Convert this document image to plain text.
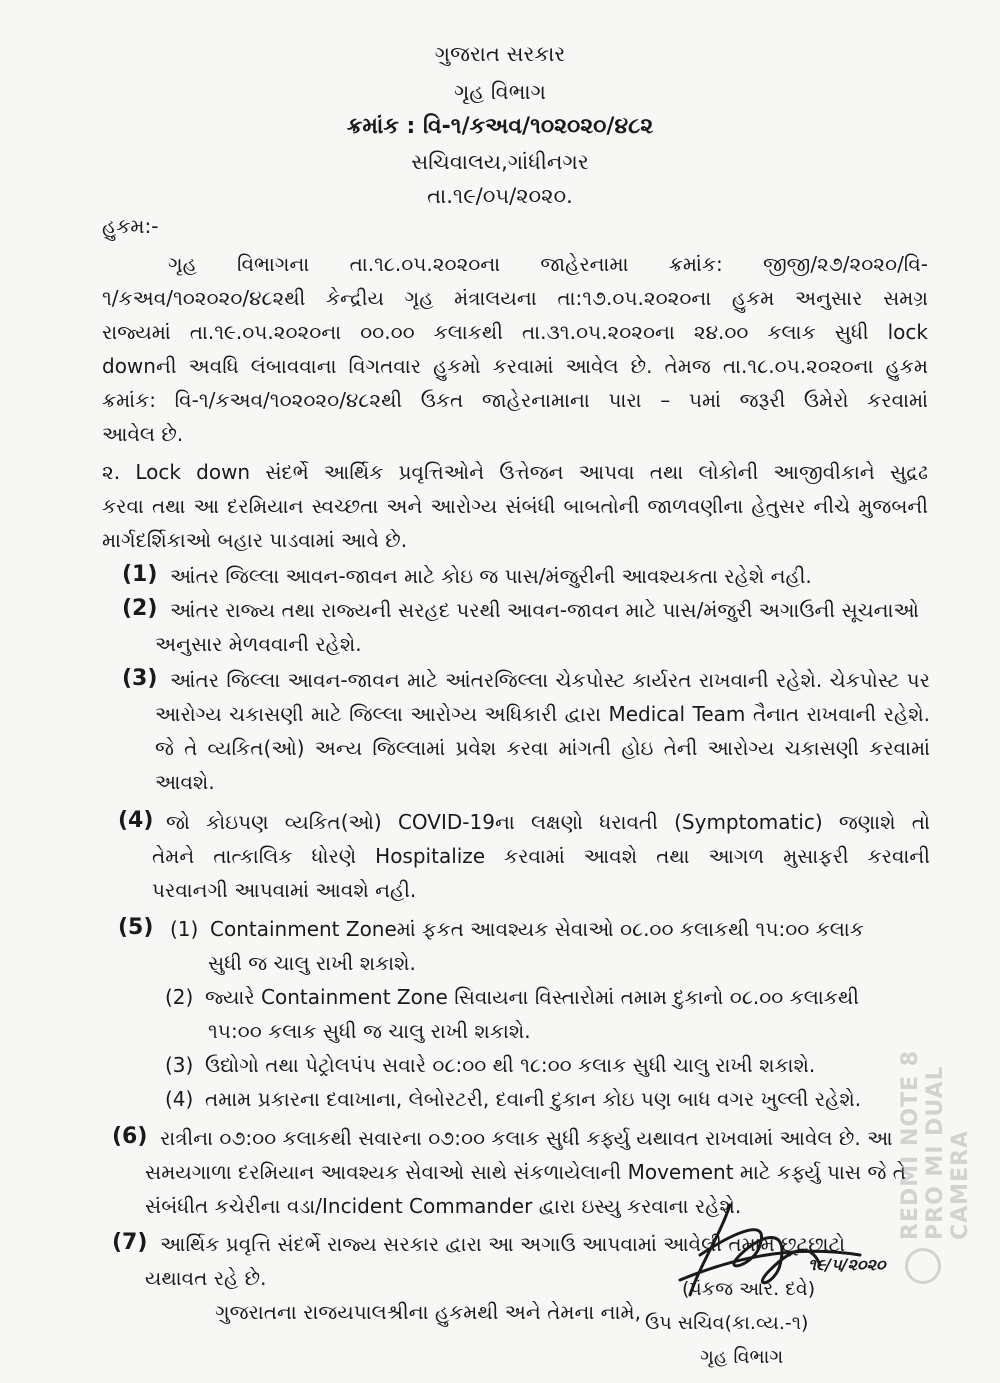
ગુજરાત સરકાર
ગૃહ વિભાગ
ક્રમાંક : વિ-૧/કઅવ/૧૦૨૦૨૦/૪૮૨
સચિવાલય,ગાંધીનગર
તા.૧૯/૦૫/૨૦૨૦.
હુકમ:-
ગૃહ વિભાગના તા.૧૮.૦૫.૨૦૨૦ના જાહેરનામા ક્રમાંક: જીજી/૨૭/૨૦૨૦/વિ-
૧/કઅવ/૧૦૨૦૨૦/૪૮૨થી કેન્દ્રીય ગૃહ મંત્રાલયના તા:૧૭.૦૫.૨૦૨૦ના હુકમ અનુસાર સમગ્ર
રાજ્યમાં તા.૧૯.૦૫.૨૦૨૦ના ૦૦.૦૦ કલાકથી તા.૩૧.૦૫.૨૦૨૦ના ૨૪.૦૦ કલાક સુધી lock
downની અવધિ લંબાવવાના વિગતવાર હુકમો કરવામાં આવેલ છે. તેમજ તા.૧૮.૦૫.૨૦૨૦ના હુકમ
ક્રમાંક: વિ-૧/કઅવ/૧૦૨૦૨૦/૪૮૨થી ઉકત જાહેરનામાના પારા – ૫માં જરૂરી ઉમેરો કરવામાં
આવેલ છે.
૨. Lock down સંદર્ભે આર્થિક પ્રવૃત્તિઓને ઉત્તેજન આપવા તથા લોકોની આજીવીકાને સુદ્રઢ
કરવા તથા આ દરમિયાન સ્વચ્છતા અને આરોગ્ય સંબંધી બાબતોની જાળવણીના હેતુસર નીચે મુજબની
માર્ગદર્શિકાઓ બહાર પાડવામાં આવે છે.
(1) આંતર જિલ્લા આવન-જાવન માટે કોઇ જ પાસ/મંજુરીની આવશ્યકતા રહેશે નહી.
(2) આંતર રાજ્ય તથા રાજ્યની સરહદ પરથી આવન-જાવન માટે પાસ/મંજુરી અગાઉની સૂચનાઓ
અનુસાર મેળવવાની રહેશે.
(3) આંતર જિલ્લા આવન-જાવન માટે આંતરજિલ્લા ચેકપોસ્ટ કાર્યરત રાખવાની રહેશે. ચેકપોસ્ટ પર
આરોગ્ય ચકાસણી માટે જિલ્લા આરોગ્ય અધિકારી દ્વારા Medical Team તૈનાત રાખવાની રહેશે.
જે તે વ્યકિત(ઓ) અન્ય જિલ્લામાં પ્રવેશ કરવા માંગતી હોઇ તેની આરોગ્ય ચકાસણી કરવામાં
આવશે.
(4) જો કોઇપણ વ્યકિત(ઓ) COVID-19ના લક્ષણો ધરાવતી (Symptomatic) જણાશે તો
તેમને તાત્કાલિક ધોરણે Hospitalize કરવામાં આવશે તથા આગળ મુસાફરી કરવાની
પરવાનગી આપવામાં આવશે નહી.
(5) (1) Containment Zoneમાં ફકત આવશ્યક સેવાઓ ૦૮.૦૦ કલાકથી ૧૫:૦૦ કલાક
સુધી જ ચાલુ રાખી શકાશે.
(2) જ્યારે Containment Zone સિવાયના વિસ્તારોમાં તમામ દુકાનો ૦૮.૦૦ કલાકથી
૧૫:૦૦ કલાક સુધી જ ચાલુ રાખી શકાશે.
(3) ઉદ્યોગો તથા પેટ્રોલપંપ સવારે ૦૮:૦૦ થી ૧૮:૦૦ કલાક સુધી ચાલુ રાખી શકાશે.
(4) તમામ પ્રકારના દવાખાના, લેબોરટરી, દવાની દુકાન કોઇ પણ બાધ વગર ખુલ્લી રહેશે.
(6) રાત્રીના ૦૭:૦૦ કલાકથી સવારના ૦૭:૦૦ કલાક સુધી કર્ફ્યુ યથાવત રાખવામાં આવેલ છે. આ
સમયગાળા દરમિયાન આવશ્યક સેવાઓ સાથે સંકળાયેલાની Movement માટે કર્ફ્યુ પાસ જે તે
સંબંધીત કચેરીના વડા/Incident Commander દ્વારા ઇસ્યુ કરવાના રહેશે.
(7) આર્થિક પ્રવૃત્તિ સંદર્ભે રાજ્ય સરકાર દ્વારા આ અગાઉ આપવામાં આવેલી તમામ છૂટછાટો
યથાવત રહે છે.
ગુજરાતના રાજયપાલશ્રીના હુકમથી અને તેમના નામે,
૧૯/૫/૨૦૨૦
REDMI NOTE 8 PRO MI DUAL CAMERA
(પંકજ આર. દવે)
ઉપ સચિવ(કા.વ્ય.-૧)
ગૃહ વિભાગ
